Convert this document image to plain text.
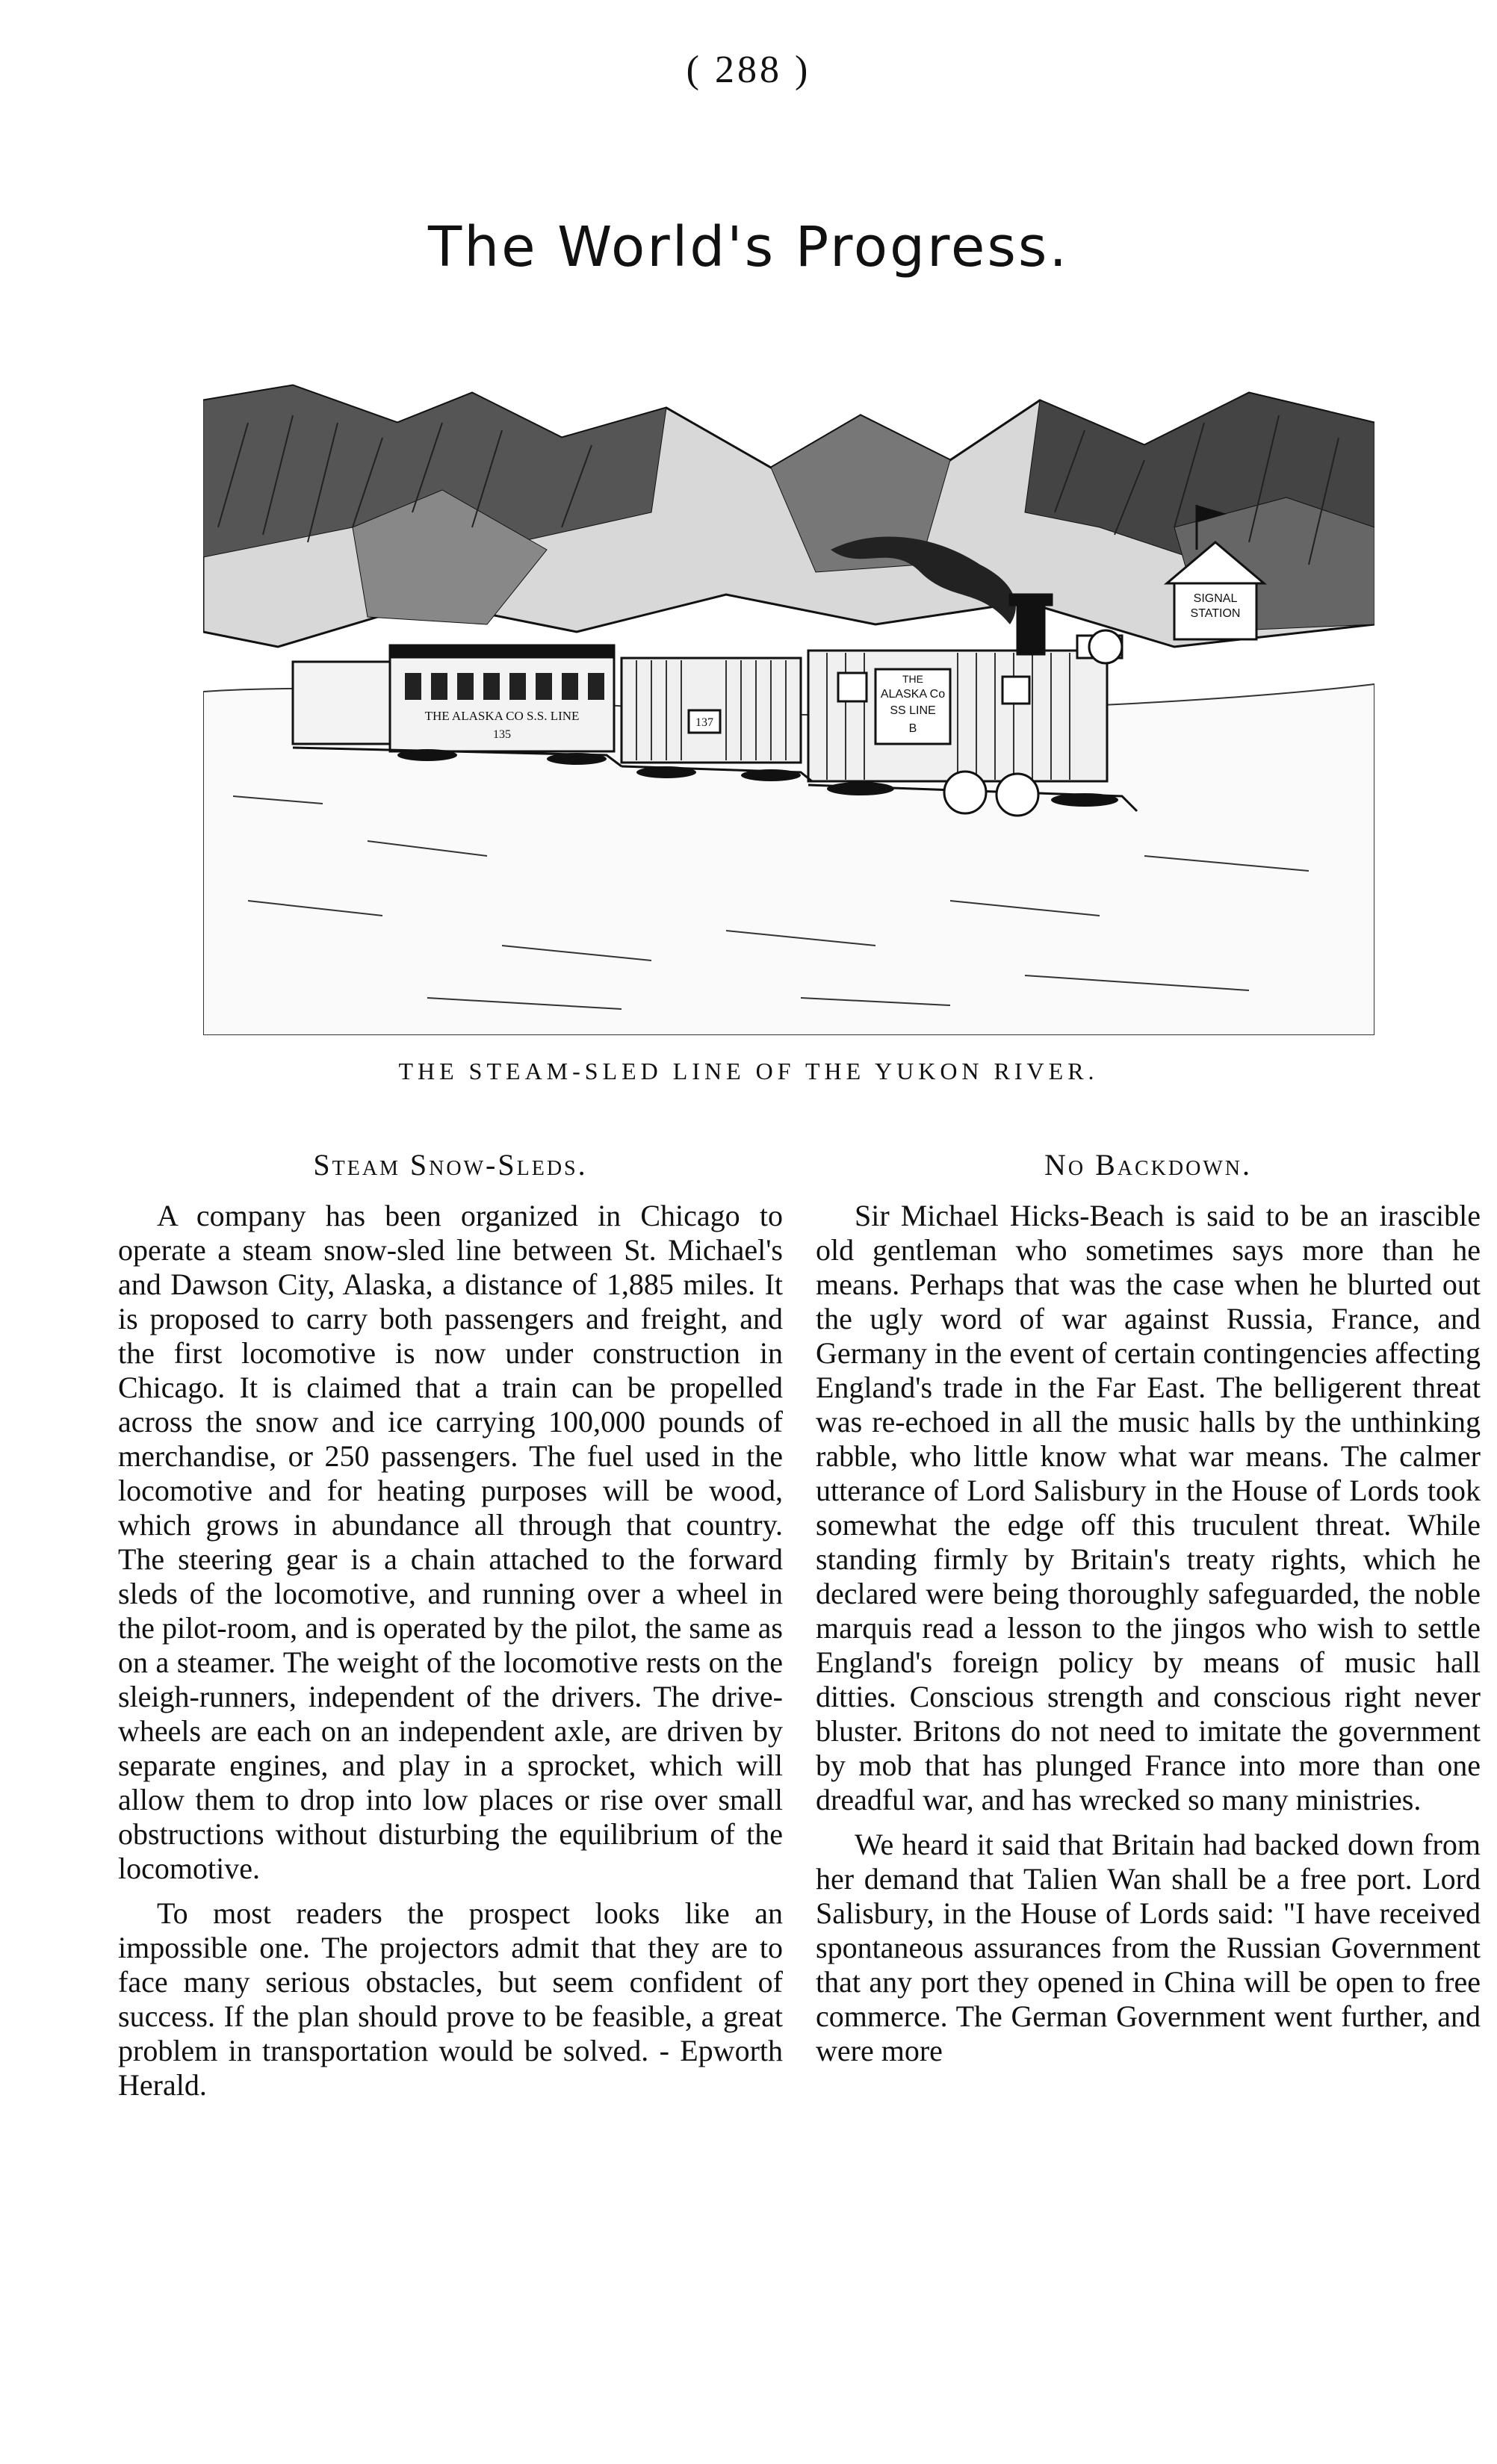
( 288 )
The World's Progress.
SIGNAL
STATION
THE ALASKA CO S.S. LINE
135
137
THE
ALASKA Co
SS LINE
B
THE STEAM-SLED LINE OF THE YUKON RIVER.
Steam Snow-Sleds.

A company has been organized in Chicago to operate a steam snow-sled line between St. Michael's and Dawson City, Alaska, a distance of 1,885 miles. It is proposed to carry both passengers and freight, and the first locomotive is now under construction in Chicago. It is claimed that a train can be propelled across the snow and ice carrying 100,000 pounds of merchandise, or 250 passengers. The fuel used in the locomotive and for heating purposes will be wood, which grows in abundance all through that country. The steering gear is a chain attached to the forward sleds of the locomotive, and running over a wheel in the pilot-room, and is operated by the pilot, the same as on a steamer. The weight of the locomotive rests on the sleigh-runners, independent of the drivers. The drive-wheels are each on an independent axle, are driven by separate engines, and play in a sprocket, which will allow them to drop into low places or rise over small obstructions without disturbing the equilibrium of the locomotive.

To most readers the prospect looks like an impossible one. The projectors admit that they are to face many serious obstacles, but seem confident of success. If the plan should prove to be feasible, a great problem in transportation would be solved. - Epworth Herald.

No Backdown.

Sir Michael Hicks-Beach is said to be an irascible old gentleman who sometimes says more than he means. Perhaps that was the case when he blurted out the ugly word of war against Russia, France, and Germany in the event of certain contingencies affecting England's trade in the Far East. The belligerent threat was re-echoed in all the music halls by the unthinking rabble, who little know what war means. The calmer utterance of Lord Salisbury in the House of Lords took somewhat the edge off this truculent threat. While standing firmly by Britain's treaty rights, which he declared were being thoroughly safeguarded, the noble marquis read a lesson to the jingos who wish to settle England's foreign policy by means of music hall ditties. Conscious strength and conscious right never bluster. Britons do not need to imitate the government by mob that has plunged France into more than one dreadful war, and has wrecked so many ministries.

We heard it said that Britain had backed down from her demand that Talien Wan shall be a free port. Lord Salisbury, in the House of Lords said: "I have received spontaneous assurances from the Russian Government that any port they opened in China will be open to free commerce. The German Government went further, and were more
